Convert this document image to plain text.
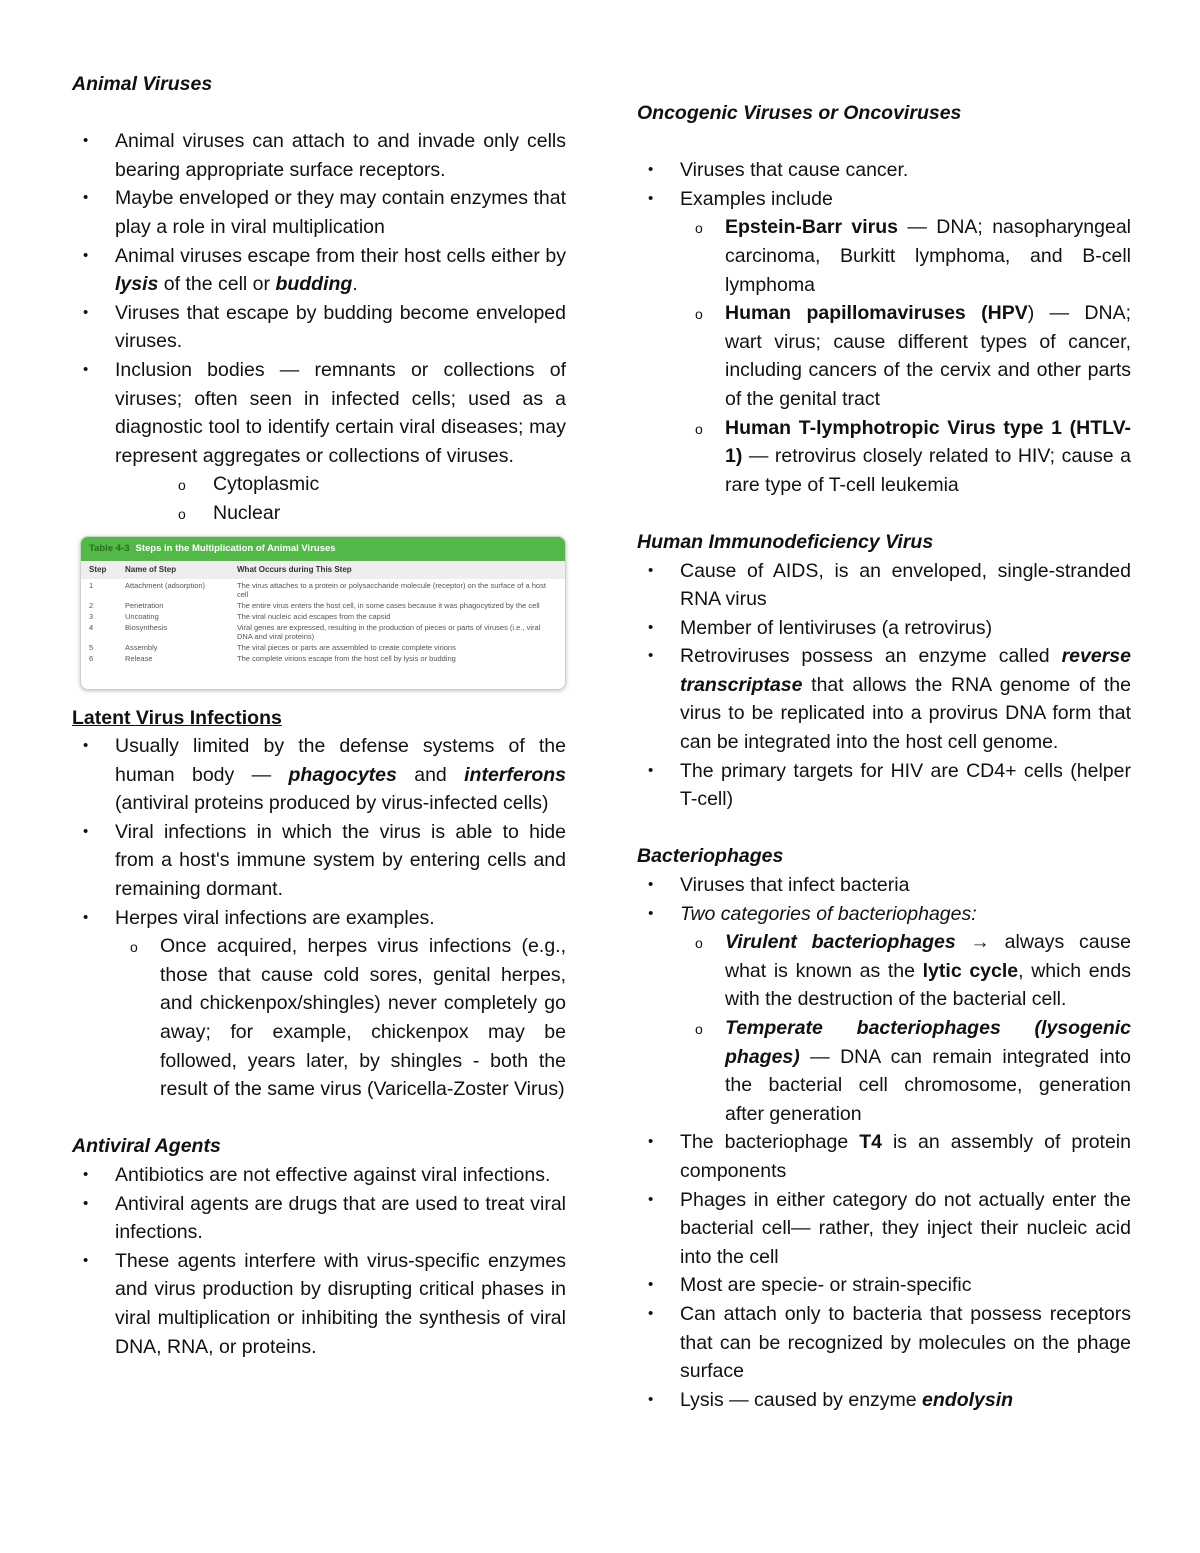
Animal Viruses

• Animal viruses can attach to and invade only cells bearing appropriate surface receptors.
• Maybe enveloped or they may contain enzymes that play a role in viral multiplication
• Animal viruses escape from their host cells either by lysis of the cell or budding.
• Viruses that escape by budding become enveloped viruses.
• Inclusion bodies — remnants or collections of viruses; often seen in infected cells; used as a diagnostic tool to identify certain viral diseases; may represent aggregates or collections of viruses.
o Cytoplasmic
o Nuclear
Table 4-3 Steps in the Multiplication of Animal Viruses
Step	Name of Step	What Occurs during This Step
1	Attachment (adsorption)	The virus attaches to a protein or polysaccharide molecule (receptor) on the surface of a host cell
2	Penetration	The entire virus enters the host cell, in some cases because it was phagocytized by the cell
3	Uncoating	The viral nucleic acid escapes from the capsid
4	Biosynthesis	Viral genes are expressed, resulting in the production of pieces or parts of viruses (i.e., viral DNA and viral proteins)
5	Assembly	The viral pieces or parts are assembled to create complete virions
6	Release	The complete virions escape from the host cell by lysis or budding

Latent Virus Infections

• Usually limited by the defense systems of the human body — phagocytes and interferons (antiviral proteins produced by virus-infected cells)
• Viral infections in which the virus is able to hide from a host's immune system by entering cells and remaining dormant.
• Herpes viral infections are examples.
o Once acquired, herpes virus infections (e.g., those that cause cold sores, genital herpes, and chickenpox/shingles) never completely go away; for example, chickenpox may be followed, years later, by shingles - both the result of the same virus (Varicella-Zoster Virus)

Antiviral Agents

• Antibiotics are not effective against viral infections.
• Antiviral agents are drugs that are used to treat viral infections.
• These agents interfere with virus-specific enzymes and virus production by disrupting critical phases in viral multiplication or inhibiting the synthesis of viral DNA, RNA, or proteins.

Oncogenic Viruses or Oncoviruses

• Viruses that cause cancer.
• Examples include
o Epstein-Barr virus — DNA; nasopharyngeal carcinoma, Burkitt lymphoma, and B-cell lymphoma
o Human papillomaviruses (HPV) — DNA; wart virus; cause different types of cancer, including cancers of the cervix and other parts of the genital tract
o Human T-lymphotropic Virus type 1 (HTLV-1) — retrovirus closely related to HIV; cause a rare type of T-cell leukemia

Human Immunodeficiency Virus

• Cause of AIDS, is an enveloped, single-stranded RNA virus
• Member of lentiviruses (a retrovirus)
• Retroviruses possess an enzyme called reverse transcriptase that allows the RNA genome of the virus to be replicated into a provirus DNA form that can be integrated into the host cell genome.
• The primary targets for HIV are CD4+ cells (helper T-cell)

Bacteriophages

• Viruses that infect bacteria
• Two categories of bacteriophages:
o Virulent bacteriophages → always cause what is known as the lytic cycle, which ends with the destruction of the bacterial cell.
o Temperate bacteriophages (lysogenic phages) — DNA can remain integrated into the bacterial cell chromosome, generation after generation
• The bacteriophage T4 is an assembly of protein components
• Phages in either category do not actually enter the bacterial cell— rather, they inject their nucleic acid into the cell
• Most are specie- or strain-specific
• Can attach only to bacteria that possess receptors that can be recognized by molecules on the phage surface
• Lysis — caused by enzyme endolysin
